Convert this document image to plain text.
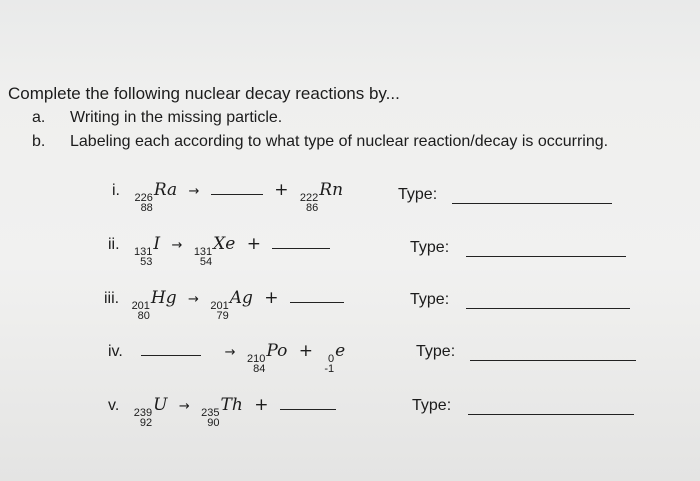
Complete the following nuclear decay reactions by...
a. Writing in the missing particle.
b. Labeling each according to what type of nuclear reaction/decay is occurring.
i. 226
88
Ra →	+ 222
86
Rn	Type:
ii. 131
53
I → 131
54
Xe +	Type:
iii. 201
80
Hg → 201
79
Ag +	Type:
iv.	→ 210
84
Po + 0
-1
e	Type:
v. 239
92
U → 235
90
Th +	Type:
